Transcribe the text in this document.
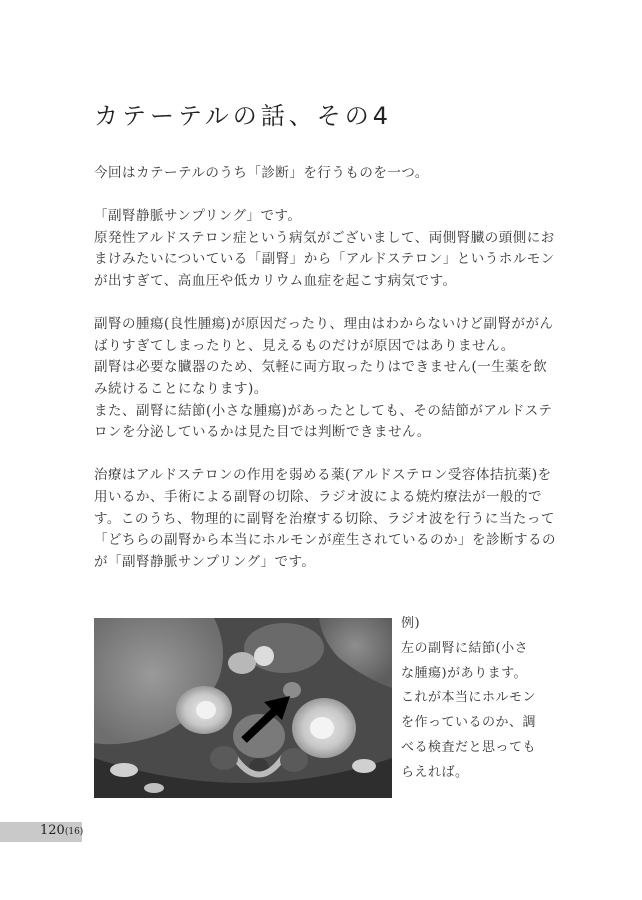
カテーテルの話、その4

今回はカテーテルのうち「診断」を行うものを一つ。

「副腎静脈サンプリング」です。
原発性アルドステロン症という病気がございまして、両側腎臓の頭側にお
まけみたいについている「副腎」から「アルドステロン」というホルモン
が出すぎて、高血圧や低カリウム血症を起こす病気です。

副腎の腫瘍(良性腫瘍)が原因だったり、理由はわからないけど副腎ががん
ばりすぎてしまったりと、見えるものだけが原因ではありません。
副腎は必要な臓器のため、気軽に両方取ったりはできません(一生薬を飲
み続けることになります)。
また、副腎に結節(小さな腫瘍)があったとしても、その結節がアルドステ
ロンを分泌しているかは見た目では判断できません。

治療はアルドステロンの作用を弱める薬(アルドステロン受容体拮抗薬)を
用いるか、手術による副腎の切除、ラジオ波による焼灼療法が一般的で
す。このうち、物理的に副腎を治療する切除、ラジオ波を行うに当たって
「どちらの副腎から本当にホルモンが産生されているのか」を診断するの
が「副腎静脈サンプリング」です。

例)
左の副腎に結節(小さ
な腫瘍)があります。
これが本当にホルモン
を作っているのか、調
べる検査だと思っても
らえれば。
120(16)
